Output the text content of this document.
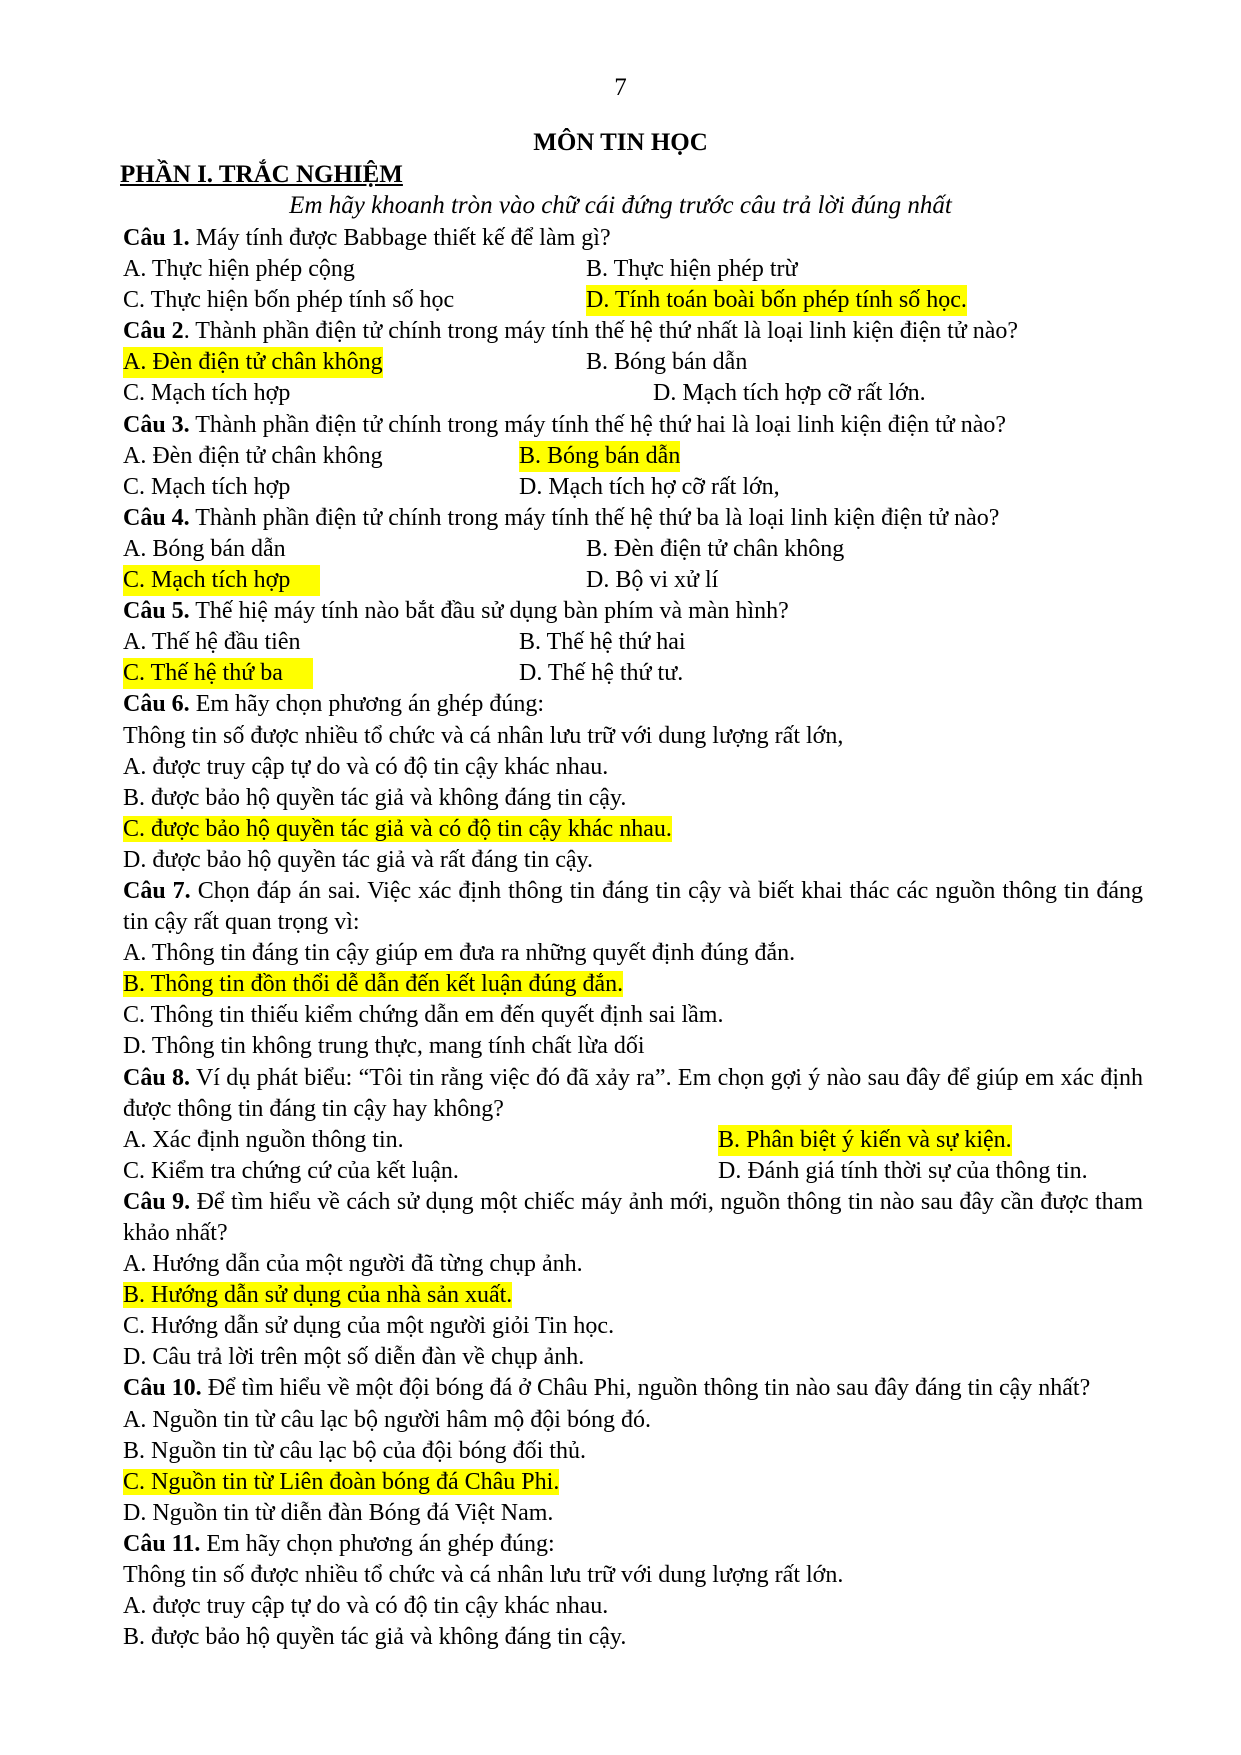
7
MÔN TIN HỌC
PHẦN I. TRẮC NGHIỆM
Em hãy khoanh tròn vào chữ cái đứng trước câu trả lời đúng nhất
Câu 1. Máy tính được Babbage thiết kế để làm gì?
A. Thực hiện phép cộng	B. Thực hiện phép trừ
C. Thực hiện bốn phép tính số học	D. Tính toán boài bốn phép tính số học.
Câu 2. Thành phần điện tử chính trong máy tính thế hệ thứ nhất là loại linh kiện điện tử nào?
A. Đèn điện tử chân không	B. Bóng bán dẫn
C. Mạch tích hợp	D. Mạch tích hợp cỡ rất lớn.
Câu 3. Thành phần điện tử chính trong máy tính thế hệ thứ hai là loại linh kiện điện tử nào?
A. Đèn điện tử chân không	B. Bóng bán dẫn
C. Mạch tích hợp	D. Mạch tích hợ cỡ rất lớn,
Câu 4. Thành phần điện tử chính trong máy tính thế hệ thứ ba là loại linh kiện điện tử nào?
A. Bóng bán dẫn	B. Đèn điện tử chân không
C. Mạch tích hợp	D. Bộ vi xử lí
Câu 5. Thế hiệ máy tính nào bắt đầu sử dụng bàn phím và màn hình?
A. Thế hệ đầu tiên	B. Thế hệ thứ hai
C. Thế hệ thứ ba	D. Thế hệ thứ tư.
Câu 6. Em hãy chọn phương án ghép đúng:
Thông tin số được nhiều tổ chức và cá nhân lưu trữ với dung lượng rất lớn,
A. được truy cập tự do và có độ tin cậy khác nhau.
B. được bảo hộ quyền tác giả và không đáng tin cậy.
C. được bảo hộ quyền tác giả và có độ tin cậy khác nhau.
D. được bảo hộ quyền tác giả và rất đáng tin cậy.
Câu 7. Chọn đáp án sai. Việc xác định thông tin đáng tin cậy và biết khai thác các nguồn thông tin đáng tin cậy rất quan trọng vì:
A. Thông tin đáng tin cậy giúp em đưa ra những quyết định đúng đắn.
B. Thông tin đồn thổi dễ dẫn đến kết luận đúng đắn.
C. Thông tin thiếu kiểm chứng dẫn em đến quyết định sai lầm.
D. Thông tin không trung thực, mang tính chất lừa dối
Câu 8. Ví dụ phát biểu: “Tôi tin rằng việc đó đã xảy ra”. Em chọn gợi ý nào sau đây để giúp em xác định được thông tin đáng tin cậy hay không?
A. Xác định nguồn thông tin.	B. Phân biệt ý kiến và sự kiện.
C. Kiểm tra chứng cứ của kết luận.	D. Đánh giá tính thời sự của thông tin.
Câu 9. Để tìm hiểu về cách sử dụng một chiếc máy ảnh mới, nguồn thông tin nào sau đây cần được tham khảo nhất?
A. Hướng dẫn của một người đã từng chụp ảnh.
B. Hướng dẫn sử dụng của nhà sản xuất.
C. Hướng dẫn sử dụng của một người giỏi Tin học.
D. Câu trả lời trên một số diễn đàn về chụp ảnh.
Câu 10. Để tìm hiểu về một đội bóng đá ở Châu Phi, nguồn thông tin nào sau đây đáng tin cậy nhất?
A. Nguồn tin từ câu lạc bộ người hâm mộ đội bóng đó.
B. Nguồn tin từ câu lạc bộ của đội bóng đối thủ.
C. Nguồn tin từ Liên đoàn bóng đá Châu Phi.
D. Nguồn tin từ diễn đàn Bóng đá Việt Nam.
Câu 11. Em hãy chọn phương án ghép đúng:
Thông tin số được nhiều tổ chức và cá nhân lưu trữ với dung lượng rất lớn.
A. được truy cập tự do và có độ tin cậy khác nhau.
B. được bảo hộ quyền tác giả và không đáng tin cậy.
